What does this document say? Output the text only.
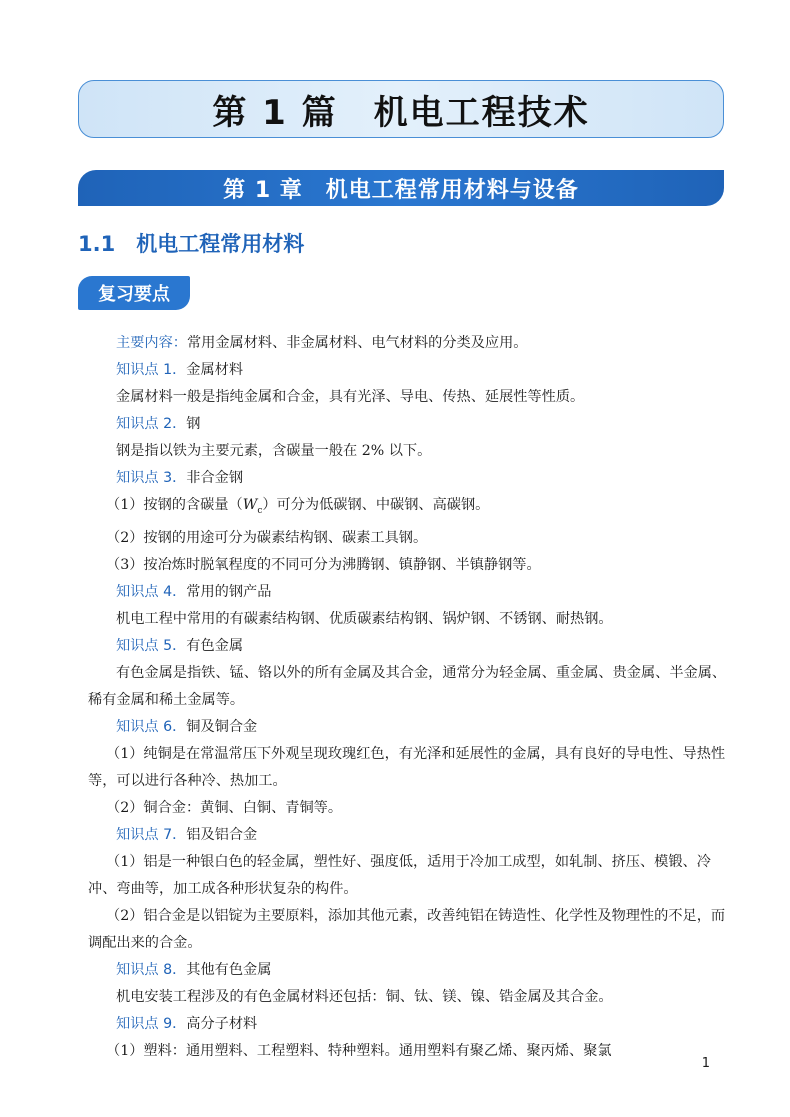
第 1 篇　机电工程技术
第 1 章　机电工程常用材料与设备
1.1　机电工程常用材料
复习要点

主要内容：常用金属材料、非金属材料、电气材料的分类及应用。

知识点 1．金属材料

金属材料一般是指纯金属和合金，具有光泽、导电、传热、延展性等性质。

知识点 2．钢

钢是指以铁为主要元素，含碳量一般在 2% 以下。

知识点 3．非合金钢

（1）按钢的含碳量$(W_c)$可分为低碳钢、中碳钢、高碳钢。

（2）按钢的用途可分为碳素结构钢、碳素工具钢。

（3）按冶炼时脱氧程度的不同可分为沸腾钢、镇静钢、半镇静钢等。

知识点 4．常用的钢产品

机电工程中常用的有碳素结构钢、优质碳素结构钢、锅炉钢、不锈钢、耐热钢。

知识点 5．有色金属

有色金属是指铁、锰、铬以外的所有金属及其合金，通常分为轻金属、重金属、贵金属、半金属、稀有金属和稀土金属等。

知识点 6．铜及铜合金

（1）纯铜是在常温常压下外观呈现玫瑰红色，有光泽和延展性的金属，具有良好的导电性、导热性等，可以进行各种冷、热加工。

（2）铜合金：黄铜、白铜、青铜等。

知识点 7．铝及铝合金

（1）铝是一种银白色的轻金属，塑性好、强度低，适用于冷加工成型，如轧制、挤压、模锻、冷冲、弯曲等，加工成各种形状复杂的构件。

（2）铝合金是以铝锭为主要原料，添加其他元素，改善纯铝在铸造性、化学性及物理性的不足，而调配出来的合金。

知识点 8．其他有色金属

机电安装工程涉及的有色金属材料还包括：铜、钛、镁、镍、锆金属及其合金。

知识点 9．高分子材料

（1）塑料：通用塑料、工程塑料、特种塑料。通用塑料有聚乙烯、聚丙烯、聚氯

1
